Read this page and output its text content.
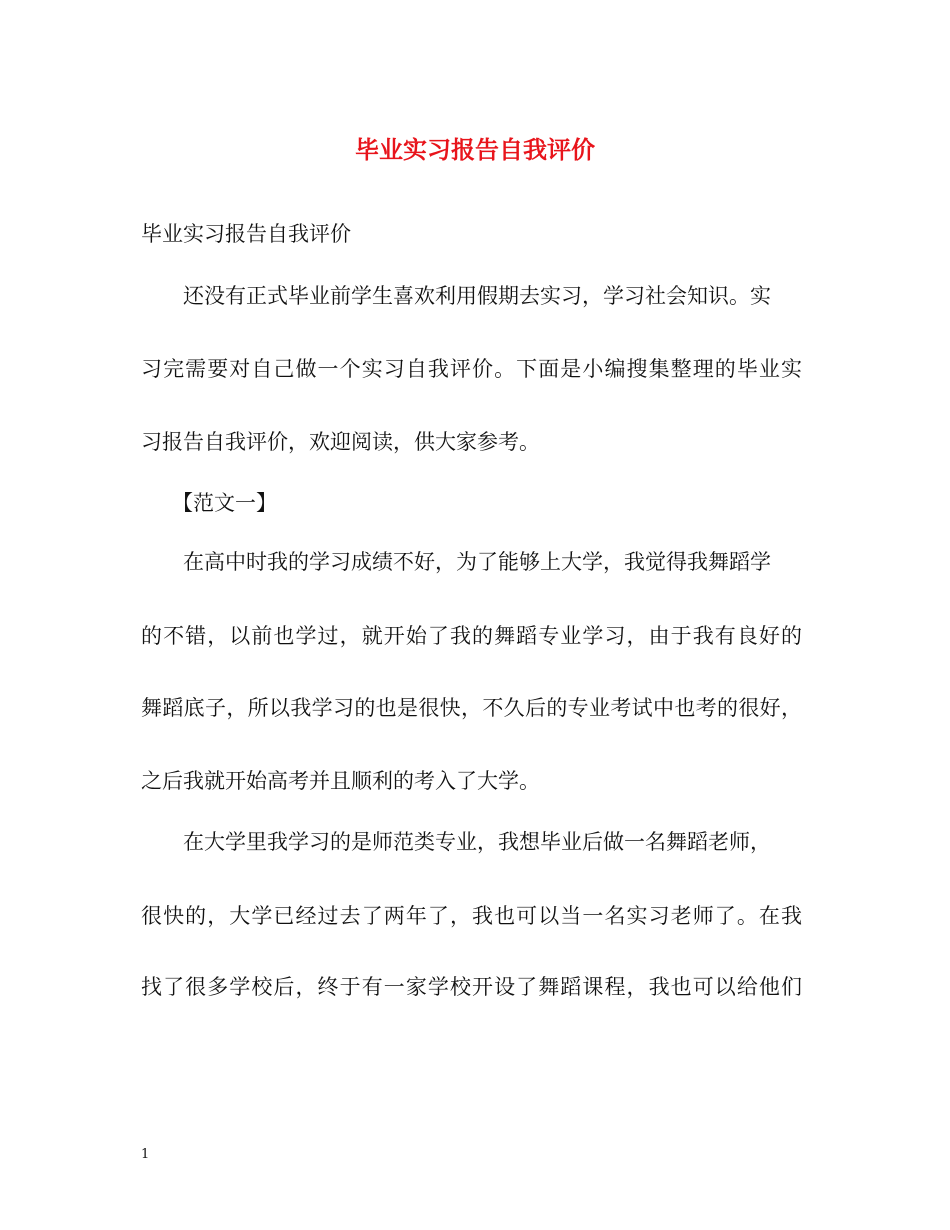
毕业实习报告自我评价
毕业实习报告自我评价
还没有正式毕业前学生喜欢利用假期去实习，学习社会知识。实
习完需要对自己做一个实习自我评价。下面是小编搜集整理的毕业实
习报告自我评价，欢迎阅读，供大家参考。
【范文一】
在高中时我的学习成绩不好，为了能够上大学，我觉得我舞蹈学
的不错，以前也学过，就开始了我的舞蹈专业学习，由于我有良好的
舞蹈底子，所以我学习的也是很快，不久后的专业考试中也考的很好，
之后我就开始高考并且顺利的考入了大学。
在大学里我学习的是师范类专业，我想毕业后做一名舞蹈老师，
很快的，大学已经过去了两年了，我也可以当一名实习老师了。在我
找了很多学校后，终于有一家学校开设了舞蹈课程，我也可以给他们
1
